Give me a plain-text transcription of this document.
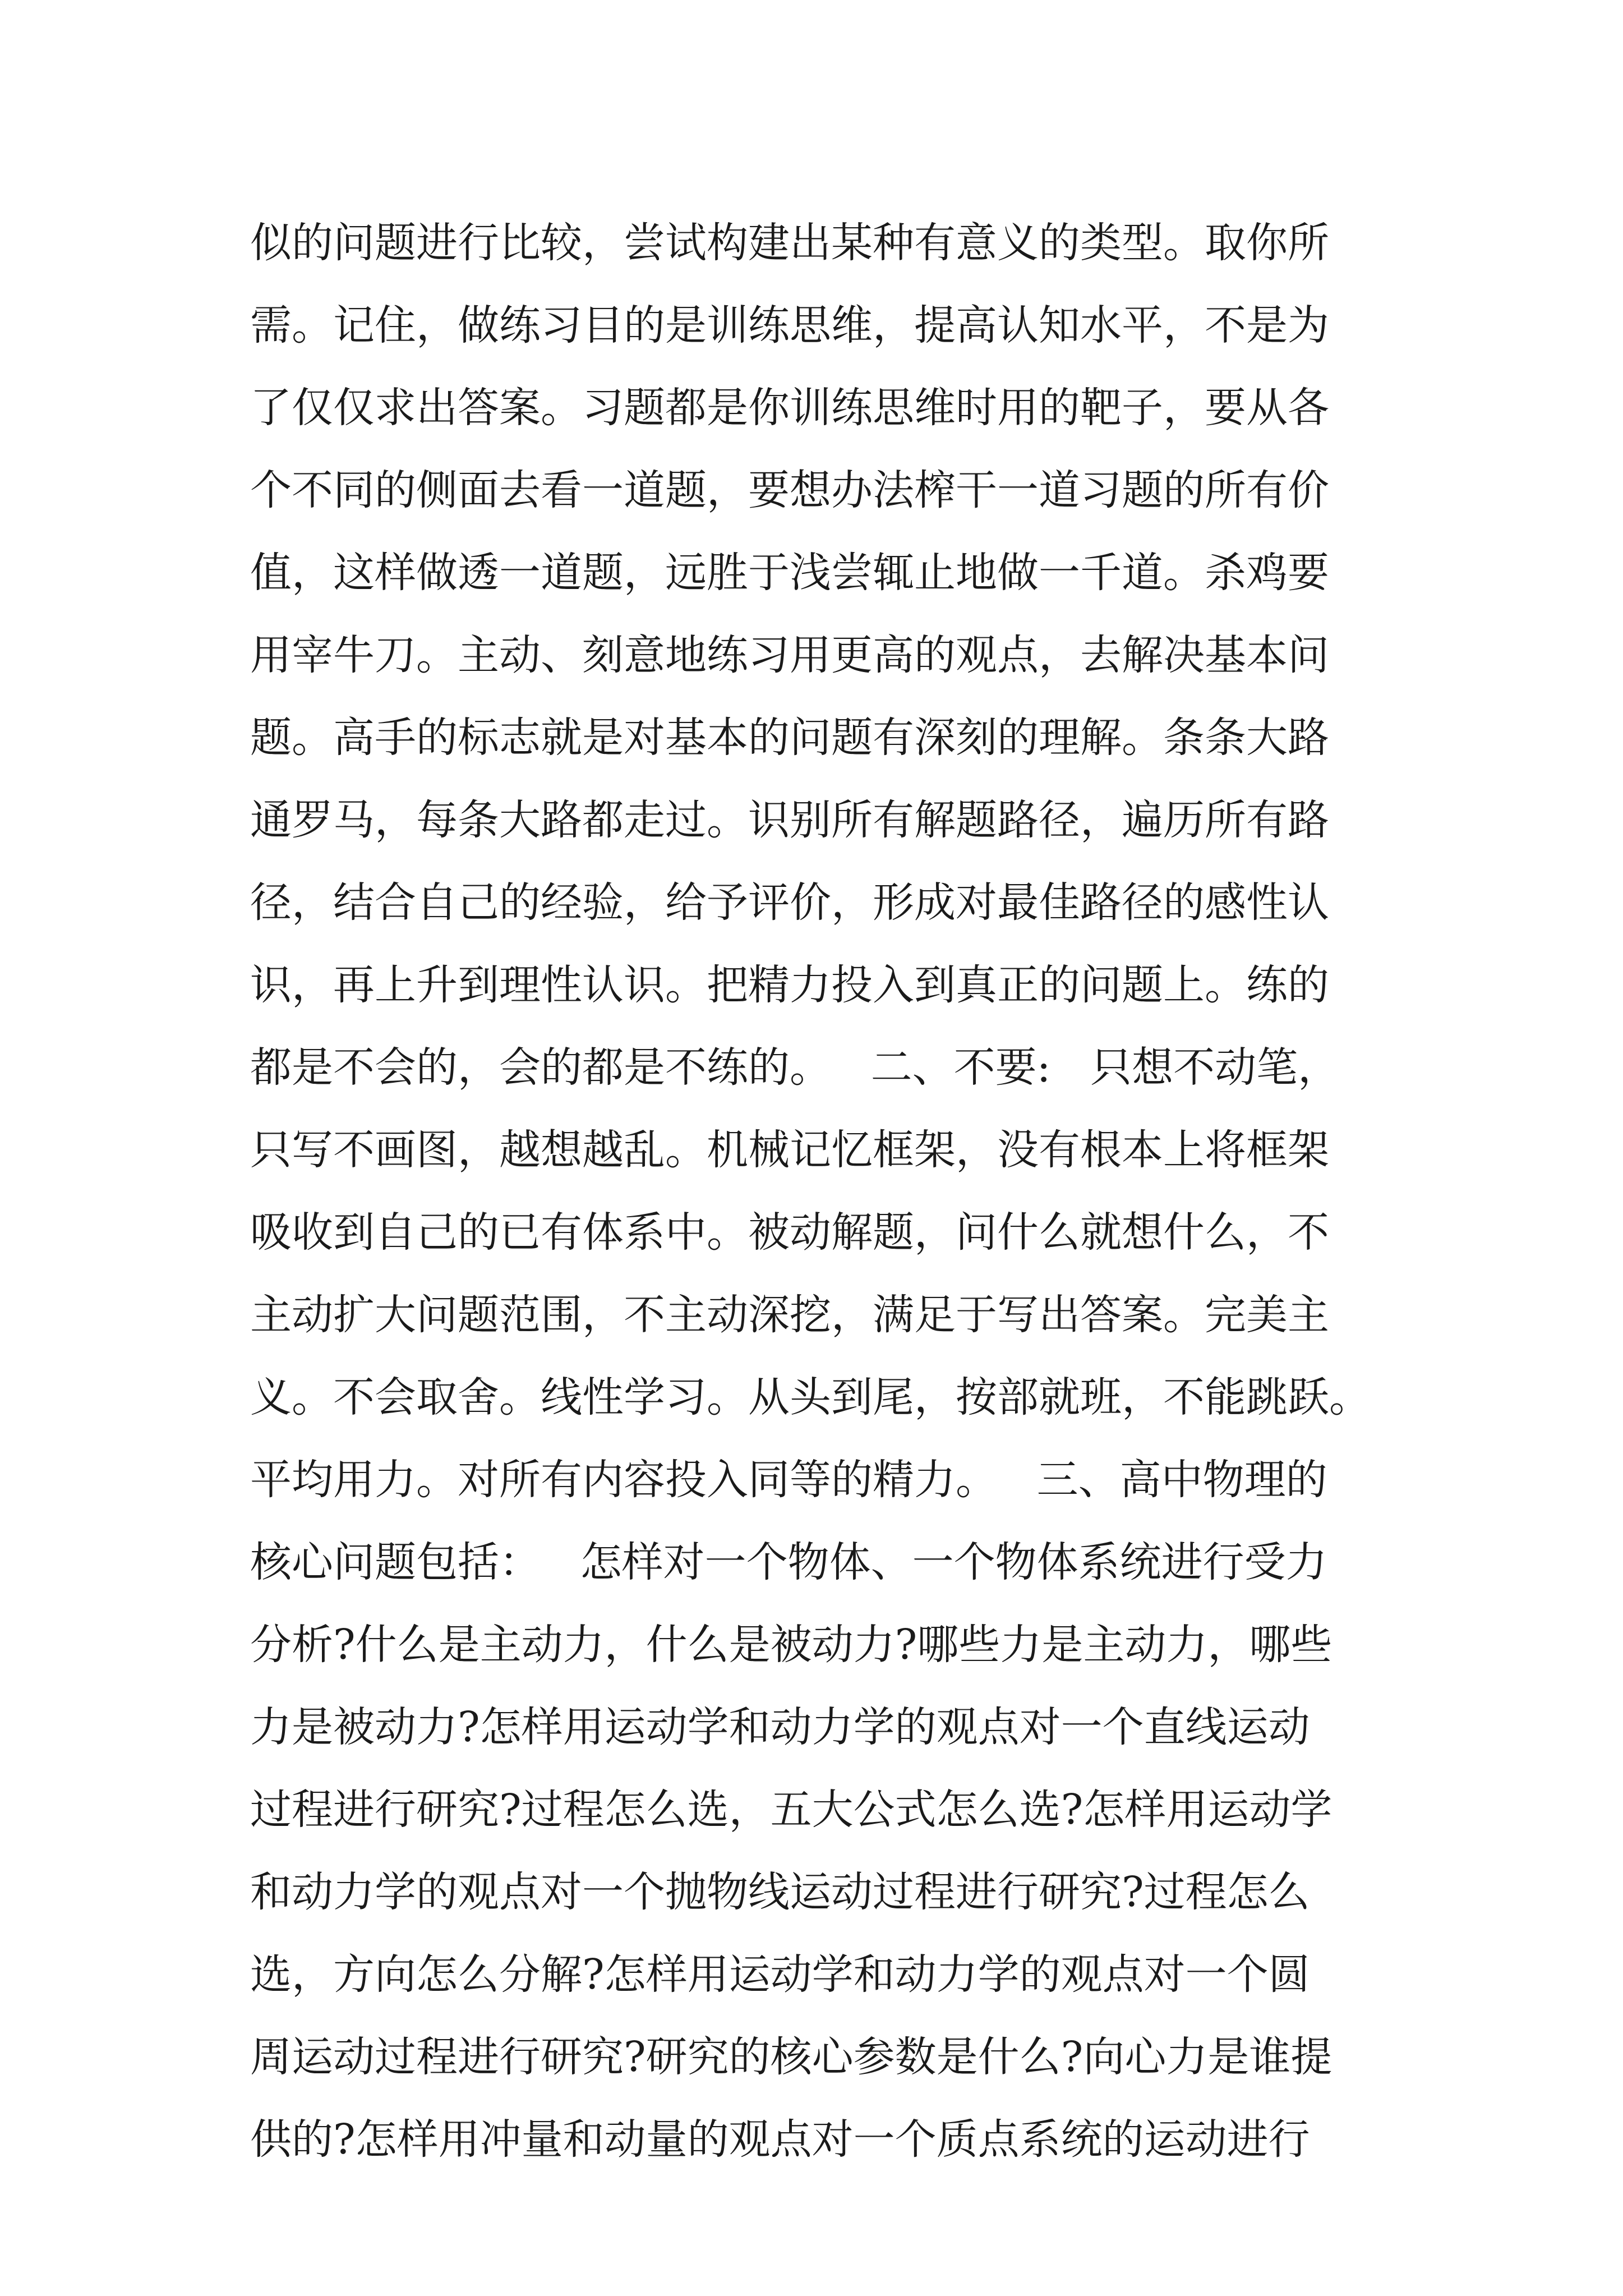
似的问题进行比较，尝试构建出某种有意义的类型。取你所
需。记住，做练习目的是训练思维，提高认知水平，不是为
了仅仅求出答案。习题都是你训练思维时用的靶子，要从各
个不同的侧面去看一道题，要想办法榨干一道习题的所有价
值，这样做透一道题，远胜于浅尝辄止地做一千道。杀鸡要
用宰牛刀。主动、刻意地练习用更高的观点，去解决基本问
题。高手的标志就是对基本的问题有深刻的理解。条条大路
通罗马，每条大路都走过。识别所有解题路径，遍历所有路
径，结合自己的经验，给予评价，形成对最佳路径的感性认
识，再上升到理性认识。把精力投入到真正的问题上。练的
都是不会的，会的都是不练的。   二、不要:   只想不动笔，
只写不画图，越想越乱。机械记忆框架，没有根本上将框架
吸收到自己的已有体系中。被动解题，问什么就想什么，不
主动扩大问题范围，不主动深挖，满足于写出答案。完美主
义。不会取舍。线性学习。从头到尾，按部就班，不能跳跃。
平均用力。对所有内容投入同等的精力。   三、高中物理的
核心问题包括：   怎样对一个物体、一个物体系统进行受力
分析?什么是主动力，什么是被动力?哪些力是主动力，哪些
力是被动力?怎样用运动学和动力学的观点对一个直线运动
过程进行研究?过程怎么选，五大公式怎么选?怎样用运动学
和动力学的观点对一个抛物线运动过程进行研究?过程怎么
选，方向怎么分解?怎样用运动学和动力学的观点对一个圆
周运动过程进行研究?研究的核心参数是什么?向心力是谁提
供的?怎样用冲量和动量的观点对一个质点系统的运动进行
